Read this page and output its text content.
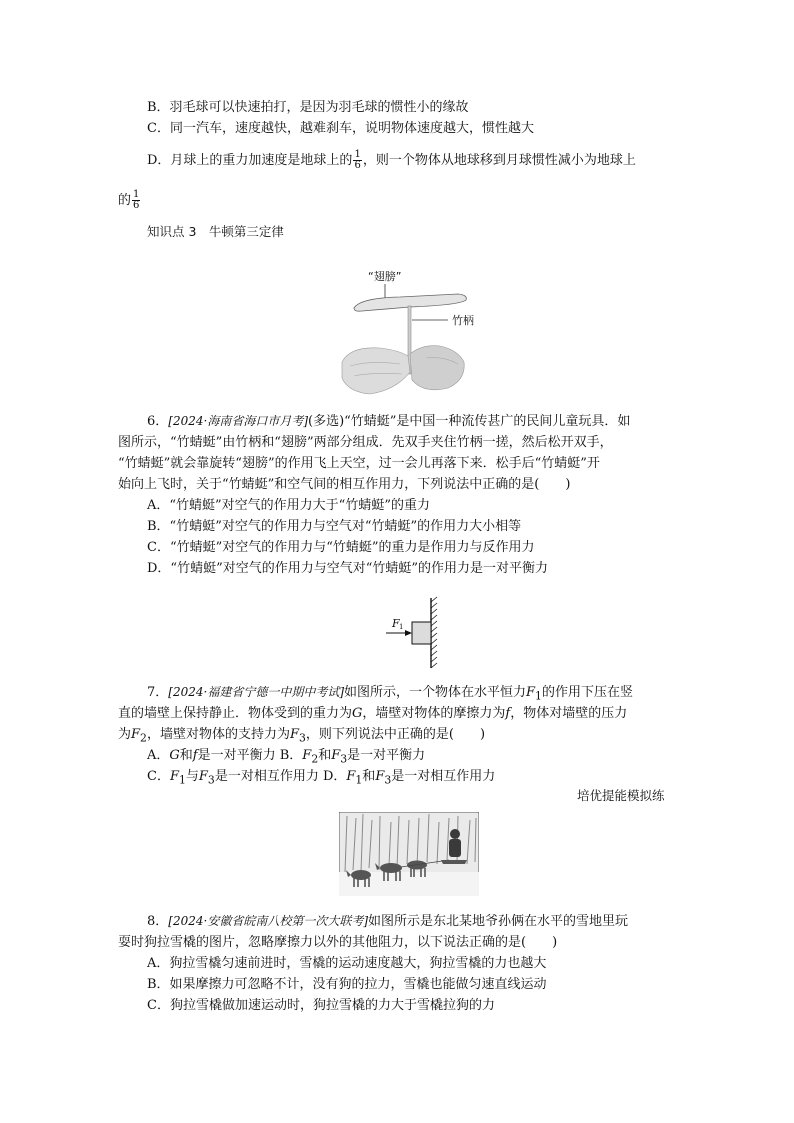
B．羽毛球可以快速拍打，是因为羽毛球的惯性小的缘故
C．同一汽车，速度越快，越难刹车，说明物体速度越大，惯性越大
D．月球上的重力加速度是地球上的 $\frac{1}{6}$ ，则一个物体从地球移到月球惯性减小为地球上
的 $\frac{1}{6}$
知识点 3　牛顿第三定律
“翅膀”
竹柄
6．[2024·海南省海口市月考](多选)“竹蜻蜓”是中国一种流传甚广的民间儿童玩具．如
图所示，“竹蜻蜓”由竹柄和“翅膀”两部分组成．先双手夹住竹柄一搓，然后松开双手，
“竹蜻蜓”就会靠旋转“翅膀”的作用飞上天空，过一会儿再落下来．松手后“竹蜻蜓”开
始向上飞时，关于“竹蜻蜓”和空气间的相互作用力，下列说法中正确的是(　　)
A．“竹蜻蜓”对空气的作用力大于“竹蜻蜓”的重力
B．“竹蜻蜓”对空气的作用力与空气对“竹蜻蜓”的作用力大小相等
C．“竹蜻蜓”对空气的作用力与“竹蜻蜓”的重力是作用力与反作用力
D．“竹蜻蜓”对空气的作用力与空气对“竹蜻蜓”的作用力是一对平衡力
F 1
7．[2024·福建省宁德一中期中考试]如图所示，一个物体在水平恒力$F_1$的作用下压在竖
直的墙壁上保持静止．物体受到的重力为G，墙壁对物体的摩擦力为f，物体对墙壁的压力
为$F_2$，墙壁对物体的支持力为$F_3$，则下列说法中正确的是(　　)
A．G和f是一对平衡力 B．$F_2$和$F_3$是一对平衡力
C．$F_1$与$F_3$是一对相互作用力 D．$F_1$和$F_3$是一对相互作用力
培优提能模拟练
8．[2024·安徽省皖南八校第一次大联考]如图所示是东北某地爷孙俩在水平的雪地里玩
耍时狗拉雪橇的图片，忽略摩擦力以外的其他阻力，以下说法正确的是(　　)
A．狗拉雪橇匀速前进时，雪橇的运动速度越大，狗拉雪橇的力也越大
B．如果摩擦力可忽略不计，没有狗的拉力，雪橇也能做匀速直线运动
C．狗拉雪橇做加速运动时，狗拉雪橇的力大于雪橇拉狗的力
